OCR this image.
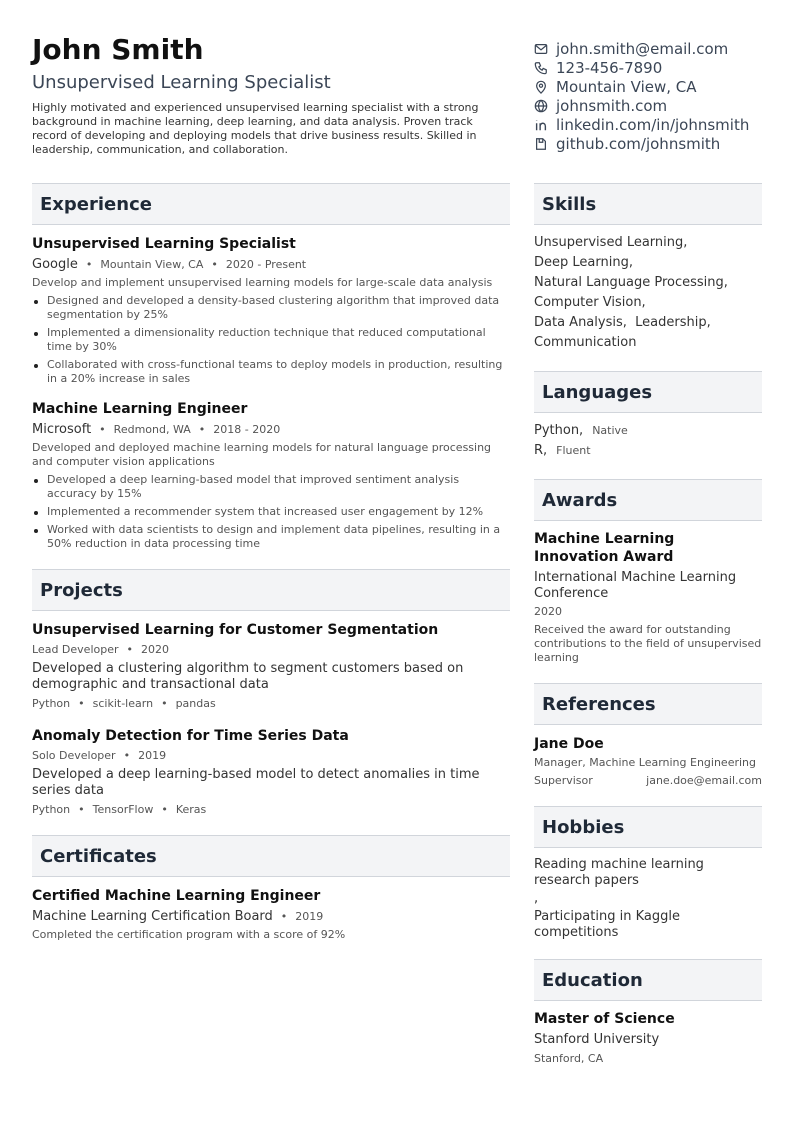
John Smith
Unsupervised Learning Specialist
Highly motivated and experienced unsupervised learning specialist with a strong background in machine learning, deep learning, and data analysis. Proven track record of developing and deploying models that drive business results. Skilled in leadership, communication, and collaboration.
john.smith@email.com
123-456-7890
Mountain View, CA
johnsmith.com
linkedin.com/in/johnsmith
github.com/johnsmith
Experience
Unsupervised Learning Specialist
Google • Mountain View, CA • 2020 - Present
Develop and implement unsupervised learning models for large-scale data analysis
Designed and developed a density-based clustering algorithm that improved data segmentation by 25%
Implemented a dimensionality reduction technique that reduced computational time by 30%
Collaborated with cross-functional teams to deploy models in production, resulting in a 20% increase in sales
Machine Learning Engineer
Microsoft • Redmond, WA • 2018 - 2020
Developed and deployed machine learning models for natural language processing and computer vision applications
Developed a deep learning-based model that improved sentiment analysis accuracy by 15%
Implemented a recommender system that increased user engagement by 12%
Worked with data scientists to design and implement data pipelines, resulting in a 50% reduction in data processing time
Projects
Unsupervised Learning for Customer Segmentation
Lead Developer • 2020
Developed a clustering algorithm to segment customers based on demographic and transactional data
Python • scikit-learn • pandas
Anomaly Detection for Time Series Data
Solo Developer • 2019
Developed a deep learning-based model to detect anomalies in time series data
Python • TensorFlow • Keras
Certificates
Certified Machine Learning Engineer
Machine Learning Certification Board • 2019
Completed the certification program with a score of 92%
Skills
Unsupervised Learning,
Deep Learning,
Natural Language Processing,
Computer Vision,
Data Analysis,  Leadership,
Communication
Languages
Python, Native
R, Fluent
Awards
Machine Learning Innovation Award
International Machine Learning Conference
2020
Received the award for outstanding contributions to the field of unsupervised learning
References
Jane Doe
Manager, Machine Learning Engineering
Supervisor	jane.doe@email.com
Hobbies
Reading machine learning research papers
,
Participating in Kaggle competitions
Education
Master of Science
Stanford University
Stanford, CA
